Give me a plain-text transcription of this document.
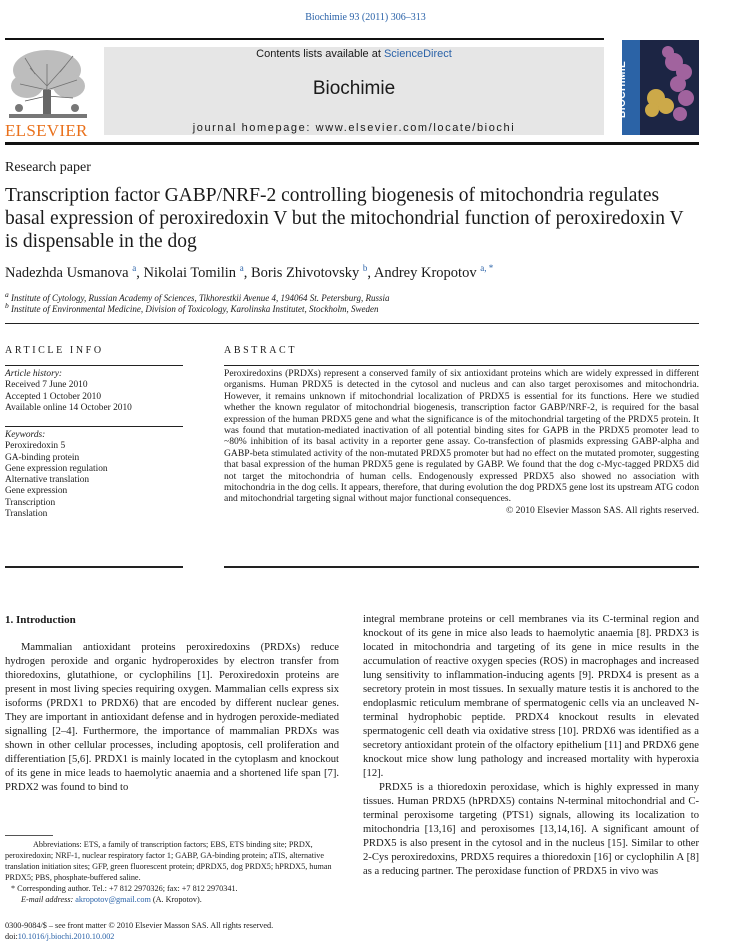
Biochimie 93 (2011) 306–313
ELSEVIER
Contents lists available at ScienceDirect
Biochimie
journal homepage: www.elsevier.com/locate/biochi
BIOCHIMIE
Research paper
Transcription factor GABP/NRF-2 controlling biogenesis of mitochondria regulates basal expression of peroxiredoxin V but the mitochondrial function of peroxiredoxin V is dispensable in the dog
Nadezhda Usmanova $^a$, Nikolai Tomilin $^a$, Boris Zhivotovsky $^b$, Andrey Kropotov $^{a, *}$
$^a$ Institute of Cytology, Russian Academy of Sciences, Tikhorestkii Avenue 4, 194064 St. Petersburg, Russia
$^b$ Institute of Environmental Medicine, Division of Toxicology, Karolinska Institutet, Stockholm, Sweden
ARTICLE INFO
Article history:
Received 7 June 2010
Accepted 1 October 2010
Available online 14 October 2010
Keywords:
Peroxiredoxin 5
GA-binding protein
Gene expression regulation
Alternative translation
Gene expression
Transcription
Translation
ABSTRACT

Peroxiredoxins (PRDXs) represent a conserved family of six antioxidant proteins which are widely expressed in different organisms. Human PRDX5 is detected in the cytosol and nucleus and can also target peroxisomes and mitochondria. However, it remains unknown if mitochondrial localization of PRDX5 is essential for its functions. Here we studied whether the known regulator of mitochondrial biogenesis, transcription factor GABP/NRF-2, is required for the basal expression of the human PRDX5 gene and what the significance is of the mitochondrial targeting of the PRDX5 protein. It was found that mutation-mediated inactivation of all potential binding sites for GAPB in the PRDX5 promoter lead to ~80% inhibition of its basal activity in a reporter gene assay. Co-transfection of plasmids expressing GABP-alpha and GABP-beta stimulated activity of the non-mutated PRDX5 promoter but had no effect on the mutated promoter, suggesting that basal expression of the human PRDX5 gene is regulated by GABP. We found that the dog c-Myc-tagged PRDX5 did not target the mitochondria of human cells. Endogenously expressed PRDX5 also showed no association with mitochondria in the dog cells. It appears, therefore, that during evolution the dog PRDX5 gene lost its upstream ATG codon and mitochondrial targeting signal without major functional consequences.

© 2010 Elsevier Masson SAS. All rights reserved.
1. Introduction

Mammalian antioxidant proteins peroxiredoxins (PRDXs) reduce hydrogen peroxide and organic hydroperoxides by electron transfer from thioredoxins, glutathione, or cyclophilins [1]. Peroxiredoxin proteins are present in most living species requiring oxygen. Mammalian cells express six isoforms (PRDX1 to PRDX6) that are encoded by different nuclear genes. They are important in antioxidant defense and in hydrogen peroxide-mediated signalling [2–4]. Furthermore, the importance of mammalian PRDXs was shown in other cellular processes, including apoptosis, cell proliferation and differentiation [5,6]. PRDX1 is mainly located in the cytoplasm and knockout of its gene in mice leads to haemolytic anaemia and a shortened life span [7]. PRDX2 was found to bind to

integral membrane proteins or cell membranes via its C-terminal region and knockout of its gene in mice also leads to haemolytic anaemia [8]. PRDX3 is located in mitochondria and targeting of its gene in mice results in the accumulation of reactive oxygen species (ROS) in macrophages and increased lung sensitivity to inflammation-inducing agents [9]. PRDX4 is present as a secretory protein in most tissues. In sexually mature testis it is anchored to the endoplasmic reticulum membrane of spermatogenic cells via an uncleaved N-terminal hydrophobic peptide. PRDX4 knockout results in elevated spermatogenic cell death via oxidative stress [10]. PRDX6 was identified as a secretory antioxidant protein of the olfactory epithelium [11] and PRDX6 gene knockout mice show lung pathology and increased mortality with hyperoxia [12].

PRDX5 is a thioredoxin peroxidase, which is highly expressed in many tissues. Human PRDX5 (hPRDX5) contains N-terminal mitochondrial and C-terminal peroxisome targeting (PTS1) signals, allowing its localization to mitochondria [13,16] and peroxisomes [13,14,16]. A significant amount of PRDX5 is also present in the cytosol and in the nucleus [15]. Similar to other 2-Cys peroxiredoxins, PRDX5 requires a thioredoxin [16] or cyclophilin A [8] as a reducing partner. The peroxidase function of PRDX5 in vivo was

Abbreviations: ETS, a family of transcription factors; EBS, ETS binding site; PRDX, peroxiredoxin; NRF-1, nuclear respiratory factor 1; GABP, GA-binding protein; aTIS, alternative translation initiation sites; GFP, green fluorescent protein; dPRDX5, dog PRDX5; hPRDX5, human PRDX5; PBS, phosphate-buffered saline.
* Corresponding author. Tel.: +7 812 2970326; fax: +7 812 2970341.
E-mail address: akropotov@gmail.com (A. Kropotov).
0300-9084/$ – see front matter © 2010 Elsevier Masson SAS. All rights reserved.
doi:10.1016/j.biochi.2010.10.002
